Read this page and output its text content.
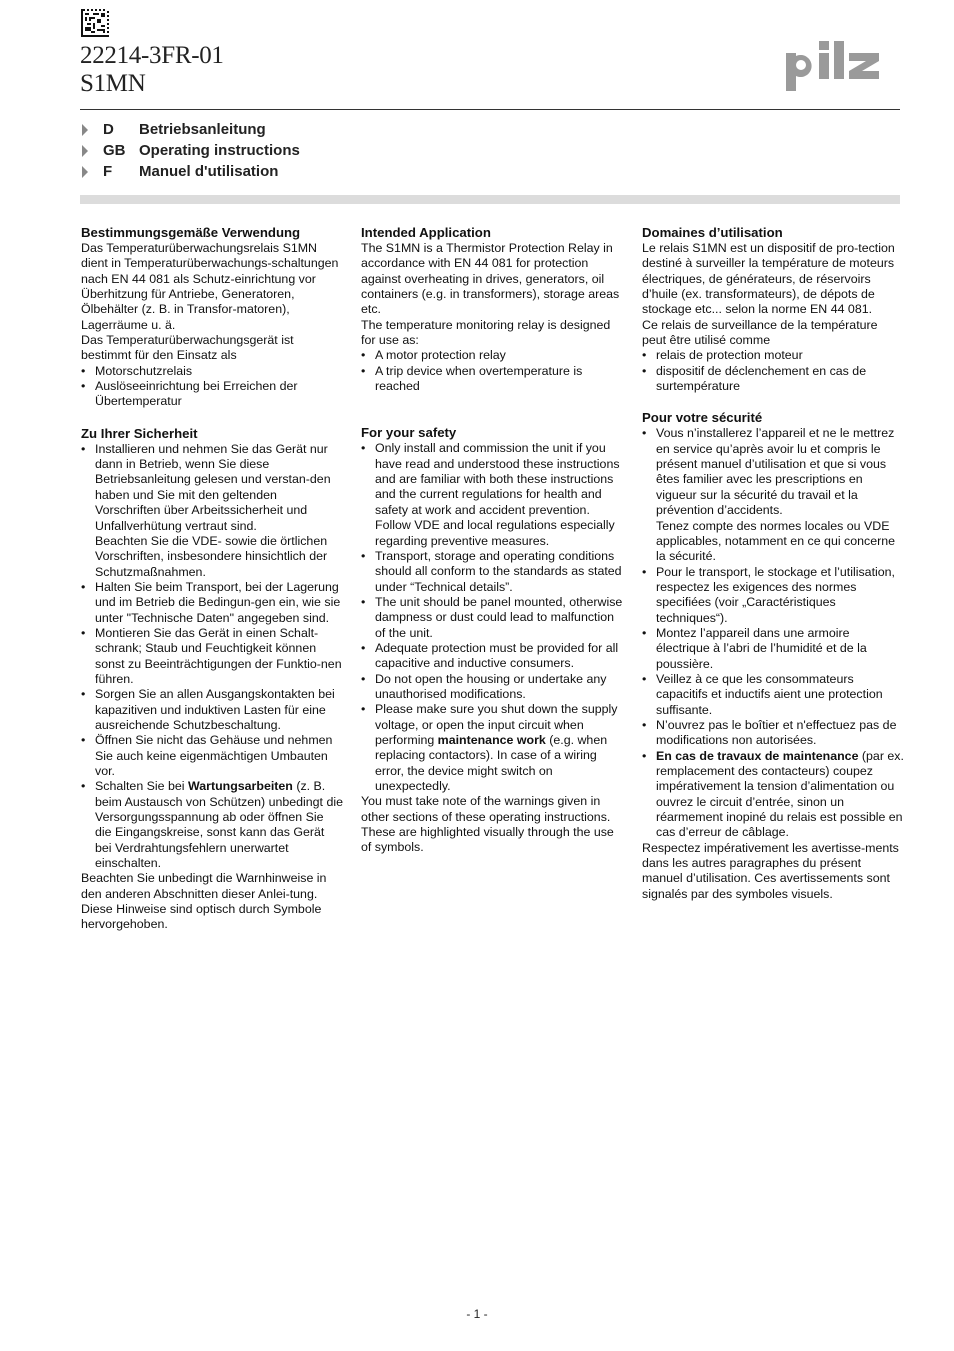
22214-3FR-01
S1MN
D	Betriebsanleitung
GB Operating instructions
F	Manuel d'utilisation
Bestimmungsgemäße Verwendung

Das Temperaturüberwachungsrelais S1MN dient in Temperaturüberwachungs-schaltungen nach EN 44 081 als Schutz-einrichtung vor Überhitzung für Antriebe, Generatoren, Ölbehälter (z. B. in Transfor-matoren), Lagerräume u. ä.

Das Temperaturüberwachungsgerät ist bestimmt für den Einsatz als

• Motorschutzrelais
• Auslöseeinrichtung bei Erreichen der Übertemperatur
Zu Ihrer Sicherheit
• Installieren und nehmen Sie das Gerät nur dann in Betrieb, wenn Sie diese Betriebsanleitung gelesen und verstan-den haben und Sie mit den geltenden Vorschriften über Arbeitssicherheit und Unfallverhütung vertraut sind.
Beachten Sie die VDE- sowie die örtlichen Vorschriften, insbesondere hinsichtlich der Schutzmaßnahmen.
• Halten Sie beim Transport, bei der Lagerung und im Betrieb die Bedingun-gen ein, wie sie unter "Technische Daten" angegeben sind.
• Montieren Sie das Gerät in einen Schalt-schrank; Staub und Feuchtigkeit können sonst zu Beeinträchtigungen der Funktio-nen führen.
• Sorgen Sie an allen Ausgangskontakten bei kapazitiven und induktiven Lasten für eine ausreichende Schutzbeschaltung.
• Öffnen Sie nicht das Gehäuse und nehmen Sie auch keine eigenmächtigen Umbauten vor.
• Schalten Sie bei Wartungsarbeiten (z. B. beim Austausch von Schützen) unbedingt die Versorgungsspannung ab oder öffnen Sie die Eingangskreise, sonst kann das Gerät bei Verdrahtungsfehlern unerwartet einschalten.

Beachten Sie unbedingt die Warnhinweise in den anderen Abschnitten dieser Anlei-tung. Diese Hinweise sind optisch durch Symbole hervorgehoben.

Intended Application

The S1MN is a Thermistor Protection Relay in accordance with EN 44 081 for protection against overheating in drives, generators, oil containers (e.g. in transformers), storage areas etc.

The temperature monitoring relay is designed for use as:

• A motor protection relay
• A trip device when overtemperature is reached
For your safety
• Only install and commission the unit if you have read and understood these instructions and are familiar with both these instructions and the current regulations for health and safety at work and accident prevention.
Follow VDE and local regulations especially regarding preventive measures.
• Transport, storage and operating conditions should all conform to the standards as stated under “Technical details”.
• The unit should be panel mounted, otherwise dampness or dust could lead to malfunction of the unit.
• Adequate protection must be provided for all capacitive and inductive consumers.
• Do not open the housing or undertake any unauthorised modifications.
• Please make sure you shut down the supply voltage, or open the input circuit when performing maintenance work (e.g. when replacing contactors). In case of a wiring error, the device might switch on unexpectedly.

You must take note of the warnings given in other sections of these operating instructions. These are highlighted visually through the use of symbols.

Domaines d’utilisation

Le relais S1MN est un dispositif de pro-tection destiné à surveiller la température de moteurs électriques, de générateurs, de réservoirs d’huile (ex. transformateurs), de dépots de stockage etc... selon la norme EN 44 081.

Ce relais de surveillance de la température peut être utilisé comme

• relais de protection moteur
• dispositif de déclenchement en cas de surtempérature
Pour votre sécurité
• Vous n’installerez l’appareil et ne le mettrez en service qu’après avoir lu et compris le présent manuel d’utilisation et que si vous êtes familier avec les prescriptions en vigueur sur la sécurité du travail et la prévention d’accidents.
Tenez compte des normes locales ou VDE applicables, notamment en ce qui concerne la sécurité.
• Pour le transport, le stockage et l’utilisation, respectez les exigences des normes specifiées (voir „Caractéristiques techniques“).
• Montez l’appareil dans une armoire électrique à l’abri de l’humidité et de la poussière.
• Veillez à ce que les consommateurs capacitifs et inductifs aient une protection suffisante.
• N’ouvrez pas le boîtier et n'effectuez pas de modifications non autorisées.
• En cas de travaux de maintenance (par ex. remplacement des contacteurs) coupez impérativement la tension d’alimentation ou ouvrez le circuit d’entrée, sinon un réarmement inopiné du relais est possible en cas d’erreur de câblage.

Respectez impérativement les avertisse-ments dans les autres paragraphes du présent manuel d’utilisation. Ces avertissements sont signalés par des symboles visuels.

- 1 -
